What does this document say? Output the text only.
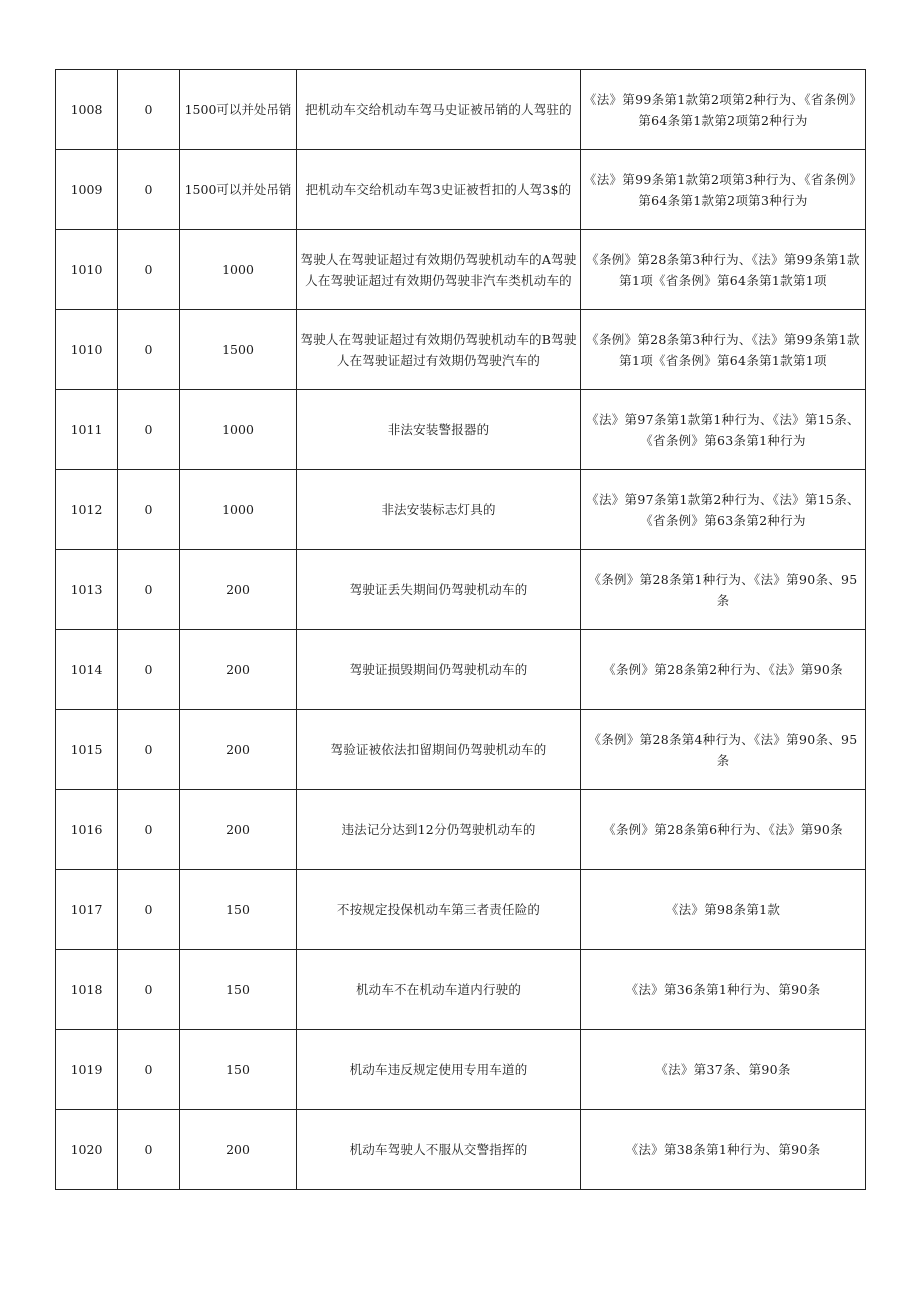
1008	0	1500可以并处吊销	把机动车交给机动车驾马史证被吊销的人驾驻的	《法》第99条第1款第2项第2种行为、《省条例》第64条第1款第2项第2种行为
1009	0	1500可以并处吊销	把机动车交给机动车驾3史证被哲扣的人驾3$的	《法》第99条第1款第2项第3种行为、《省条例》第64条第1款第2项第3种行为
1010	0	1000	驾驶人在驾驶证超过有效期仍驾驶机动车的A驾驶人在驾驶证超过有效期仍驾驶非汽车类机动车的	《条例》第28条第3种行为、《法》第99条第1款第1项《省条例》第64条第1款第1项
1010	0	1500	驾驶人在驾驶证超过有效期仍驾驶机动车的B驾驶人在驾驶证超过有效期仍驾驶汽车的	《条例》第28条第3种行为、《法》第99条第1款第1项《省条例》第64条第1款第1项
1011	0	1000	非法安装警报器的	《法》第97条第1款第1种行为、《法》第15条、《省条例》第63条第1种行为
1012	0	1000	非法安装标志灯具的	《法》第97条第1款第2种行为、《法》第15条、《省条例》第63条第2种行为
1013	0	200	驾驶证丢失期间仍驾驶机动车的	《条例》第28条第1种行为、《法》第90条、95条
1014	0	200	驾驶证损毁期间仍驾驶机动车的	《条例》第28条第2种行为、《法》第90条
1015	0	200	驾验证被依法扣留期间仍驾驶机动车的	《条例》第28条第4种行为、《法》第90条、95条
1016	0	200	违法记分达到12分仍驾驶机动车的	《条例》第28条第6种行为、《法》第90条
1017	0	150	不按规定投保机动车第三者责任险的	《法》第98条第1款
1018	0	150	机动车不在机动车道内行驶的	《法》第36条第1种行为、第90条
1019	0	150	机动车违反规定使用专用车道的	《法》第37条、第90条
1020	0	200	机动车驾驶人不服从交警指挥的	《法》第38条第1种行为、第90条
